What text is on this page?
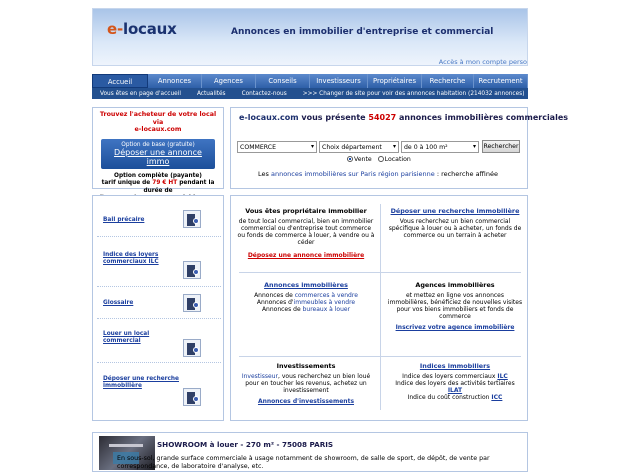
e-locaux	Annonces en immobilier d'entreprise et commercial
Accès à mon compte perso
Accueil	Annonces	Agences	Conseils	Investisseurs	Propriétaires	Recherche	Recrutement
Vous êtes en page d'accueil	Actualités	Contactez-nous	>>> Changer de site pour voir des annonces habitation (214032 annonces)
Trouvez l'acheteur de votre local via
e-locaux.com
Option de base (gratuite)
Déposer une annonce immo
Option complète (payante)
tarif unique de 79 € HT pendant la durée de
Bail précaire
Indice des loyers commerciaux ILC
Glossaire
Louer un local commercial
Déposer une recherche immobilière
e-locaux.com vous présente 54027 annonces immobilières commerciales
COMMERCE ▾	Choix département ▾	de 0 à 100 m² ▾	Rechercher
Vente Location
Les annonces immobilières sur Paris région parisienne : recherche affinée
Vous êtes propriétaire immobilier
de tout local commercial, bien en immobilier commercial ou d'entreprise tout commerce ou fonds de commerce à louer, à vendre ou à céder
Déposez une annonce immobilière
Déposer une recherche immobilière
Vous recherchez un bien commercial spécifique à louer ou à acheter, un fonds de commerce ou un terrain à acheter
Annonces immobilières
Annonces de commerces à vendre
Annonces d'immeubles à vendre
Annonces de bureaux à louer
Agences immobilières
et mettez en ligne vos annonces immobilières, bénéficiez de nouvelles visites pour vos biens immobiliers et fonds de commerce
Inscrivez votre agence immobilière
Investissements
Investisseur, vous recherchez un bien loué pour en toucher les revenus, achetez un investissement
Annonces d'investissements
Indices immobiliers
Indice des loyers commerciaux ILC
Indice des loyers des activités tertiaires
ILAT
Indice du coût construction ICC
SHOWROOM à louer - 270 m² - 75008 PARIS
En sous-sol, grande surface commerciale à usage notamment de showroom, de salle de sport, de dépôt, de vente par correspondance, de laboratoire d'analyse, etc.
